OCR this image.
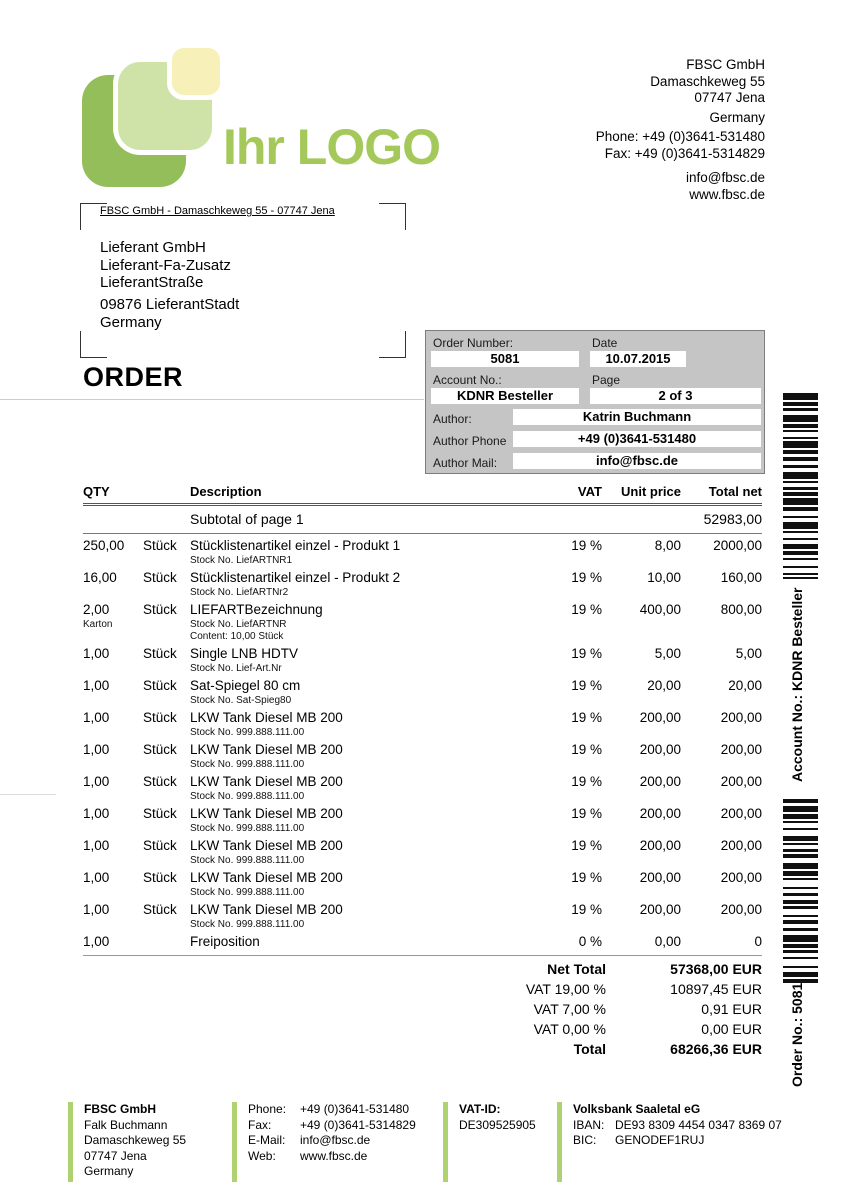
Ihr LOGO
FBSC GmbH
Damaschkeweg 55
07747 Jena
Germany
Phone: +49 (0)3641-531480
Fax: +49 (0)3641-5314829
info@fbsc.de
www.fbsc.de
FBSC GmbH - Damaschkeweg 55 - 07747 Jena
Lieferant GmbH
Lieferant-Fa-Zusatz
LieferantStraße
09876 LieferantStadt
Germany
ORDER
Order Number:	Date
5081	10.07.2015
Account No.:	Page
KDNR Besteller	2 of 3
Author:	Katrin Buchmann
Author Phone	+49 (0)3641-531480
Author Mail:	info@fbsc.de
QTY	Description	VAT	Unit price	Total net
Subtotal of page 1	52983,00
250,00	Stück Stücklistenartikel einzel - Produkt 1	19 %	8,00	2000,00
Stock No. LiefARTNR1
16,00	Stück Stücklistenartikel einzel - Produkt 2	19 %	10,00	160,00
Stock No. LiefARTNr2
2,00	Stück LIEFARTBezeichnung	19 %	400,00	800,00
Karton	Stock No. LiefARTNR
Content: 10,00 Stück
1,00	Stück Single LNB HDTV	19 %	5,00	5,00
Stock No. Lief-Art.Nr
1,00	Stück Sat-Spiegel 80 cm	19 %	20,00	20,00
Stock No. Sat-Spieg80
1,00	Stück LKW Tank Diesel MB 200	19 %	200,00	200,00
Stock No. 999.888.111.00
1,00	Stück LKW Tank Diesel MB 200	19 %	200,00	200,00
Stock No. 999.888.111.00
1,00	Stück LKW Tank Diesel MB 200	19 %	200,00	200,00
Stock No. 999.888.111.00
1,00	Stück LKW Tank Diesel MB 200	19 %	200,00	200,00
Stock No. 999.888.111.00
1,00	Stück LKW Tank Diesel MB 200	19 %	200,00	200,00
Stock No. 999.888.111.00
1,00	Stück LKW Tank Diesel MB 200	19 %	200,00	200,00
Stock No. 999.888.111.00
1,00	Stück LKW Tank Diesel MB 200	19 %	200,00	200,00
Stock No. 999.888.111.00
1,00	Freiposition	0 %	0,00	0
Net Total	57368,00 EUR
VAT 19,00 %	10897,45 EUR
VAT 7,00 %	0,91 EUR
VAT 0,00 %	0,00 EUR
Total	68266,36 EUR
Account No.: KDNR Besteller
Order No.: 5081
FBSC GmbH
Falk Buchmann
Damaschkeweg 55
07747 Jena
Germany
Phone:	+49 (0)3641-531480
Fax:	+49 (0)3641-5314829
E-Mail:	info@fbsc.de
Web:	www.fbsc.de
VAT-ID:
DE309525905
Volksbank Saaletal eG
IBAN: DE93 8309 4454 0347 8369 07
BIC:	GENODEF1RUJ
